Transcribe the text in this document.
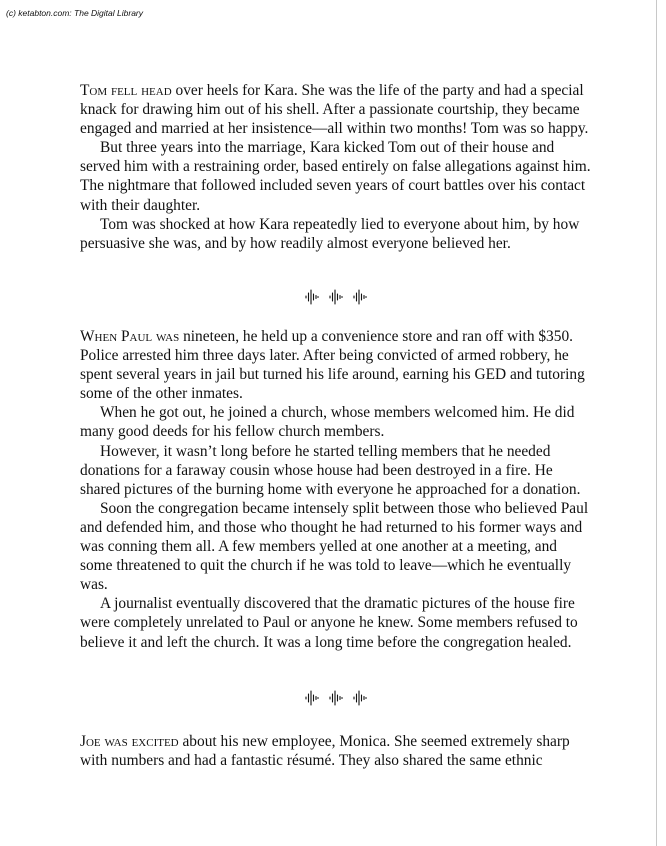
(c) ketabton.com: The Digital Library

Tom fell head over heels for Kara. She was the life of the party and had a special knack for drawing him out of his shell. After a passionate courtship, they became engaged and married at her insistence—all within two months! Tom was so happy.

But three years into the marriage, Kara kicked Tom out of their house and served him with a restraining order, based entirely on false allegations against him. The nightmare that followed included seven years of court battles over his contact with their daughter.

Tom was shocked at how Kara repeatedly lied to everyone about him, by how persuasive she was, and by how readily almost everyone believed her.

When Paul was nineteen, he held up a convenience store and ran off with $350. Police arrested him three days later. After being convicted of armed robbery, he spent several years in jail but turned his life around, earning his GED and tutoring some of the other inmates.

When he got out, he joined a church, whose members welcomed him. He did many good deeds for his fellow church members.

However, it wasn’t long before he started telling members that he needed donations for a faraway cousin whose house had been destroyed in a fire. He shared pictures of the burning home with everyone he approached for a donation.

Soon the congregation became intensely split between those who believed Paul and defended him, and those who thought he had returned to his former ways and was conning them all. A few members yelled at one another at a meeting, and some threatened to quit the church if he was told to leave—which he eventually was.

A journalist eventually discovered that the dramatic pictures of the house fire were completely unrelated to Paul or anyone he knew. Some members refused to believe it and left the church. It was a long time before the congregation healed.

Joe was excited about his new employee, Monica. She seemed extremely sharp with numbers and had a fantastic résumé. They also shared the same ethnic
